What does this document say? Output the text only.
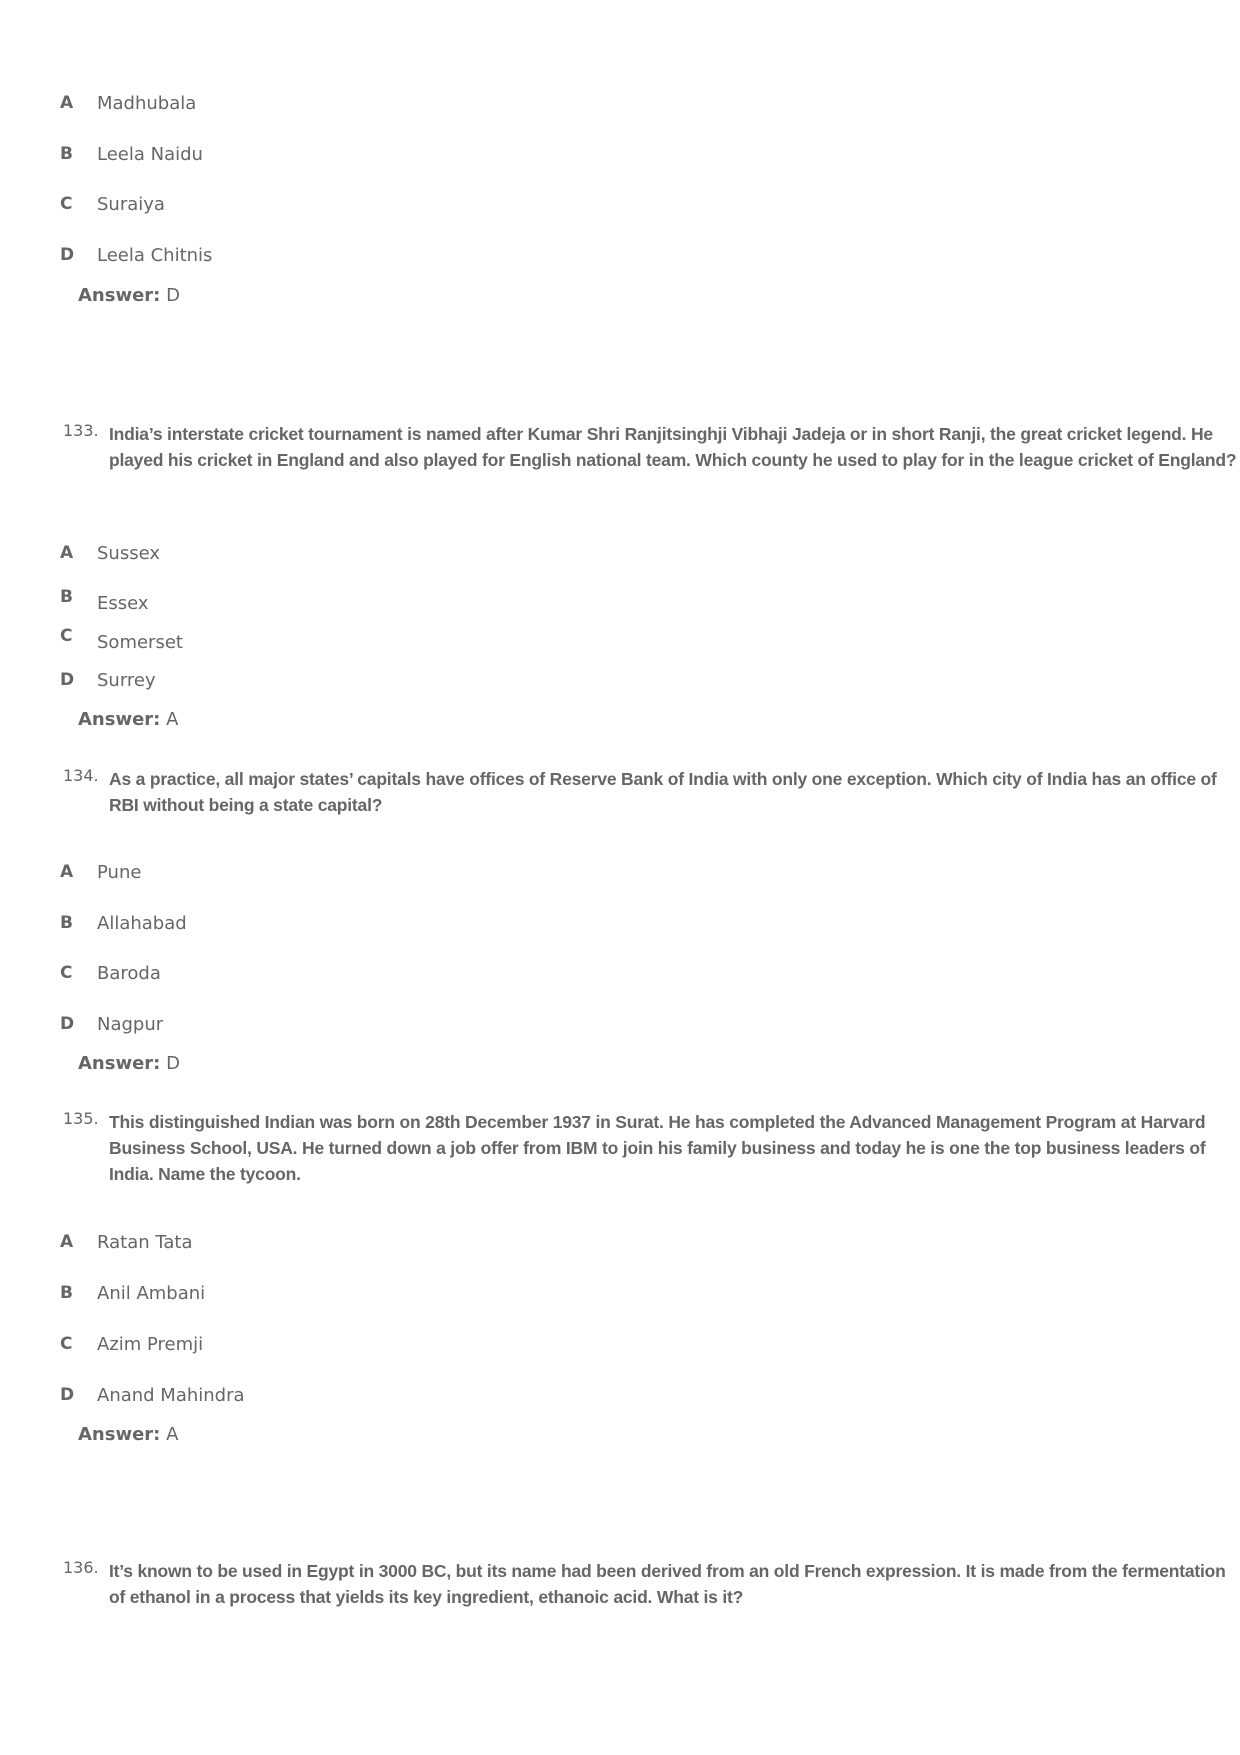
A Madhubala
B Leela Naidu
C Suraiya
D Leela Chitnis
Answer: D
133. India’s interstate cricket tournament is named after Kumar Shri Ranjitsinghji Vibhaji Jadeja or in short Ranji, the great cricket legend. He played his cricket in England and also played for English national team. Which county he used to play for in the league cricket of England?
A Sussex
B Essex
C Somerset
D Surrey
Answer: A
134. As a practice, all major states’ capitals have offices of Reserve Bank of India with only one exception. Which city of India has an office of RBI without being a state capital?
A Pune
B Allahabad
C Baroda
D Nagpur
Answer: D
135. This distinguished Indian was born on 28th December 1937 in Surat. He has completed the Advanced Management Program at Harvard Business School, USA. He turned down a job offer from IBM to join his family business and today he is one the top business leaders of India. Name the tycoon.
A Ratan Tata
B Anil Ambani
C Azim Premji
D Anand Mahindra
Answer: A
136. It’s known to be used in Egypt in 3000 BC, but its name had been derived from an old French expression. It is made from the fermentation of ethanol in a process that yields its key ingredient, ethanoic acid. What is it?
